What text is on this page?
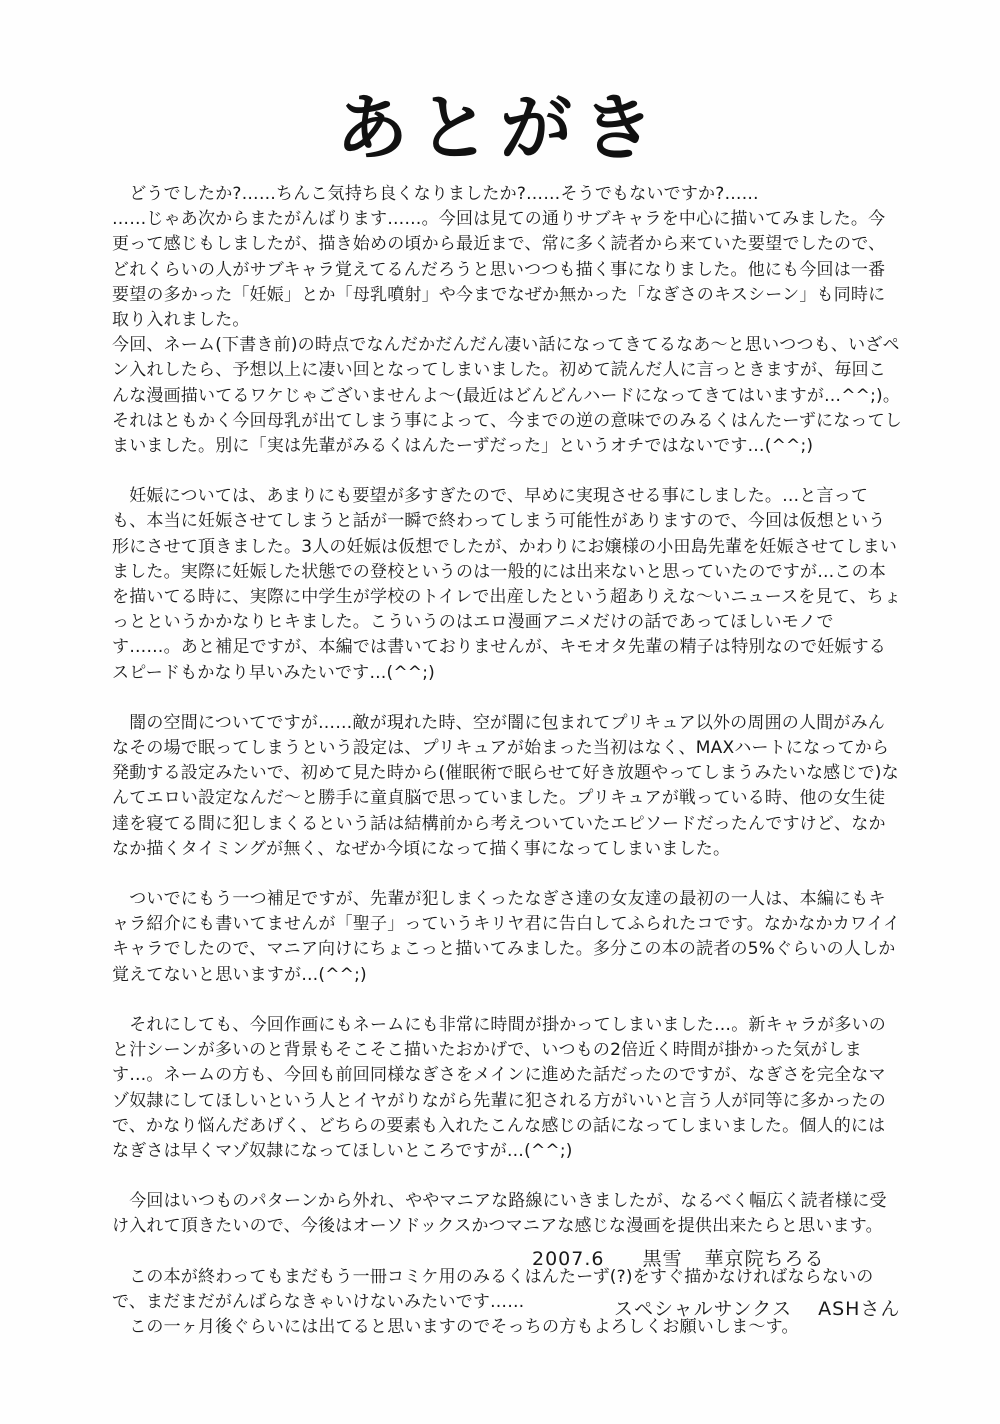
あとがき

　どうでしたか?……ちんこ気持ち良くなりましたか?……そうでもないですか?……
……じゃあ次からまたがんばります……。今回は見ての通りサブキャラを中心に描いてみました。今更って感じもしましたが、描き始めの頃から最近まで、常に多く読者から来ていた要望でしたので、どれくらいの人がサブキャラ覚えてるんだろうと思いつつも描く事になりました。他にも今回は一番要望の多かった「妊娠」とか「母乳噴射」や今までなぜか無かった「なぎさのキスシーン」も同時に取り入れました。
今回、ネーム(下書き前)の時点でなんだかだんだん凄い話になってきてるなあ～と思いつつも、いざペン入れしたら、予想以上に凄い回となってしまいました。初めて読んだ人に言っときますが、毎回こんな漫画描いてるワケじゃございませんよ～(最近はどんどんハードになってきてはいますが…^^;)。それはともかく今回母乳が出てしまう事によって、今までの逆の意味でのみるくはんたーずになってしまいました。別に「実は先輩がみるくはんたーずだった」というオチではないです…(^^;)

　妊娠については、あまりにも要望が多すぎたので、早めに実現させる事にしました。…と言っても、本当に妊娠させてしまうと話が一瞬で終わってしまう可能性がありますので、今回は仮想という形にさせて頂きました。3人の妊娠は仮想でしたが、かわりにお嬢様の小田島先輩を妊娠させてしまいました。実際に妊娠した状態での登校というのは一般的には出来ないと思っていたのですが…この本を描いてる時に、実際に中学生が学校のトイレで出産したという超ありえな～いニュースを見て、ちょっとというかかなりヒキました。こういうのはエロ漫画アニメだけの話であってほしいモノです……。あと補足ですが、本編では書いておりませんが、キモオタ先輩の精子は特別なので妊娠するスピードもかなり早いみたいです…(^^;)

　闇の空間についてですが……敵が現れた時、空が闇に包まれてプリキュア以外の周囲の人間がみんなその場で眠ってしまうという設定は、プリキュアが始まった当初はなく、MAXハートになってから発動する設定みたいで、初めて見た時から(催眠術で眠らせて好き放題やってしまうみたいな感じで)なんてエロい設定なんだ～と勝手に童貞脳で思っていました。プリキュアが戦っている時、他の女生徒達を寝てる間に犯しまくるという話は結構前から考えついていたエピソードだったんですけど、なかなか描くタイミングが無く、なぜか今頃になって描く事になってしまいました。

　ついでにもう一つ補足ですが、先輩が犯しまくったなぎさ達の女友達の最初の一人は、本編にもキャラ紹介にも書いてませんが「聖子」っていうキリヤ君に告白してふられたコです。なかなかカワイイキャラでしたので、マニア向けにちょこっと描いてみました。多分この本の読者の5%ぐらいの人しか覚えてないと思いますが…(^^;)

　それにしても、今回作画にもネームにも非常に時間が掛かってしまいました…。新キャラが多いのと汁シーンが多いのと背景もそこそこ描いたおかげで、いつもの2倍近く時間が掛かった気がします…。ネームの方も、今回も前回同様なぎさをメインに進めた話だったのですが、なぎさを完全なマゾ奴隷にしてほしいという人とイヤがりながら先輩に犯される方がいいと言う人が同等に多かったので、かなり悩んだあげく、どちらの要素も入れたこんな感じの話になってしまいました。個人的にはなぎさは早くマゾ奴隷になってほしいところですが…(^^;)

　今回はいつものパターンから外れ、ややマニアな路線にいきましたが、なるべく幅広く読者様に受け入れて頂きたいので、今後はオーソドックスかつマニアな感じな漫画を提供出来たらと思います。

　この本が終わってもまだもう一冊コミケ用のみるくはんたーず(?)をすぐ描かなければならないので、まだまだがんばらなきゃいけないみたいです……
　この一ヶ月後ぐらいには出てると思いますのでそっちの方もよろしくお願いしま～す。

2007.6 黒雪 華京院ちろる
スペシャルサンクス ASHさん
